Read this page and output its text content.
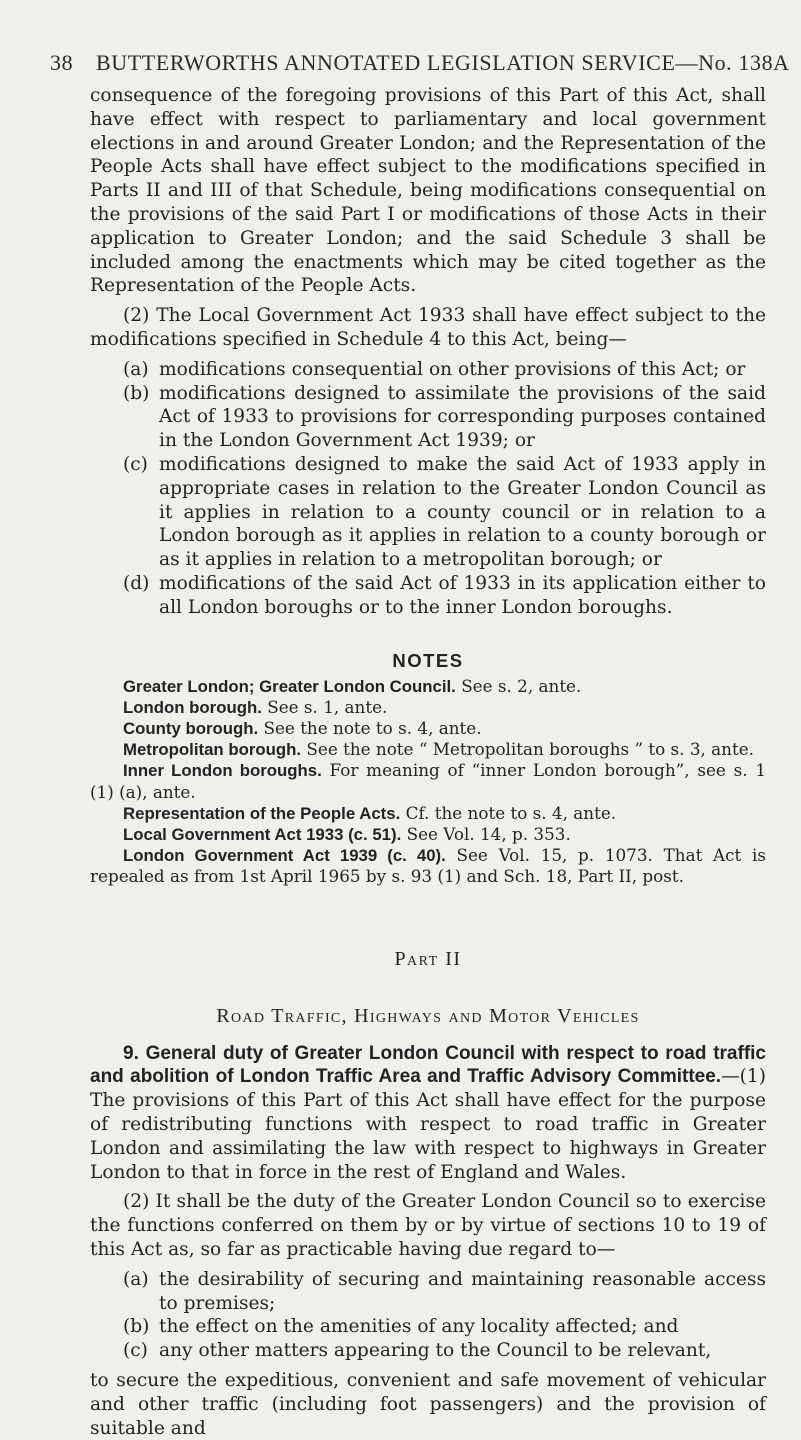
38 BUTTERWORTHS ANNOTATED LEGISLATION SERVICE—No. 138A

consequence of the foregoing provisions of this Part of this Act, shall have effect with respect to parliamentary and local government elections in and around Greater London; and the Representation of the People Acts shall have effect subject to the modifications specified in Parts II and III of that Schedule, being modifications consequential on the provisions of the said Part I or modifications of those Acts in their application to Greater London; and the said Schedule 3 shall be included among the enactments which may be cited together as the Representation of the People Acts.

(2) The Local Government Act 1933 shall have effect subject to the modifications specified in Schedule 4 to this Act, being—

(a) modifications consequential on other provisions of this Act; or
(b) modifications designed to assimilate the provisions of the said Act of 1933 to provisions for corresponding purposes contained in the London Government Act 1939; or
(c) modifications designed to make the said Act of 1933 apply in appropriate cases in relation to the Greater London Council as it applies in relation to a county council or in relation to a London borough as it applies in relation to a county borough or as it applies in relation to a metropolitan borough; or
(d) modifications of the said Act of 1933 in its application either to all London boroughs or to the inner London boroughs.
NOTES

Greater London; Greater London Council. See s. 2, ante.

London borough. See s. 1, ante.

County borough. See the note to s. 4, ante.

Metropolitan borough. See the note “ Metropolitan boroughs ” to s. 3, ante.

Inner London boroughs. For meaning of “inner London borough”, see s. 1 (1) (a), ante.

Representation of the People Acts. Cf. the note to s. 4, ante.

Local Government Act 1933 (c. 51). See Vol. 14, p. 353.

London Government Act 1939 (c. 40). See Vol. 15, p. 1073. That Act is repealed as from 1st April 1965 by s. 93 (1) and Sch. 18, Part II, post.

Part II
Road Traffic, Highways and Motor Vehicles

9. General duty of Greater London Council with respect to road traffic and abolition of London Traffic Area and Traffic Advisory Committee.—(1) The provisions of this Part of this Act shall have effect for the purpose of redistributing functions with respect to road traffic in Greater London and assimilating the law with respect to highways in Greater London to that in force in the rest of England and Wales.

(2) It shall be the duty of the Greater London Council so to exercise the functions conferred on them by or by virtue of sections 10 to 19 of this Act as, so far as practicable having due regard to—

(a) the desirability of securing and maintaining reasonable access to premises;
(b) the effect on the amenities of any locality affected; and
(c) any other matters appearing to the Council to be relevant,

to secure the expeditious, convenient and safe movement of vehicular and other traffic (including foot passengers) and the provision of suitable and
